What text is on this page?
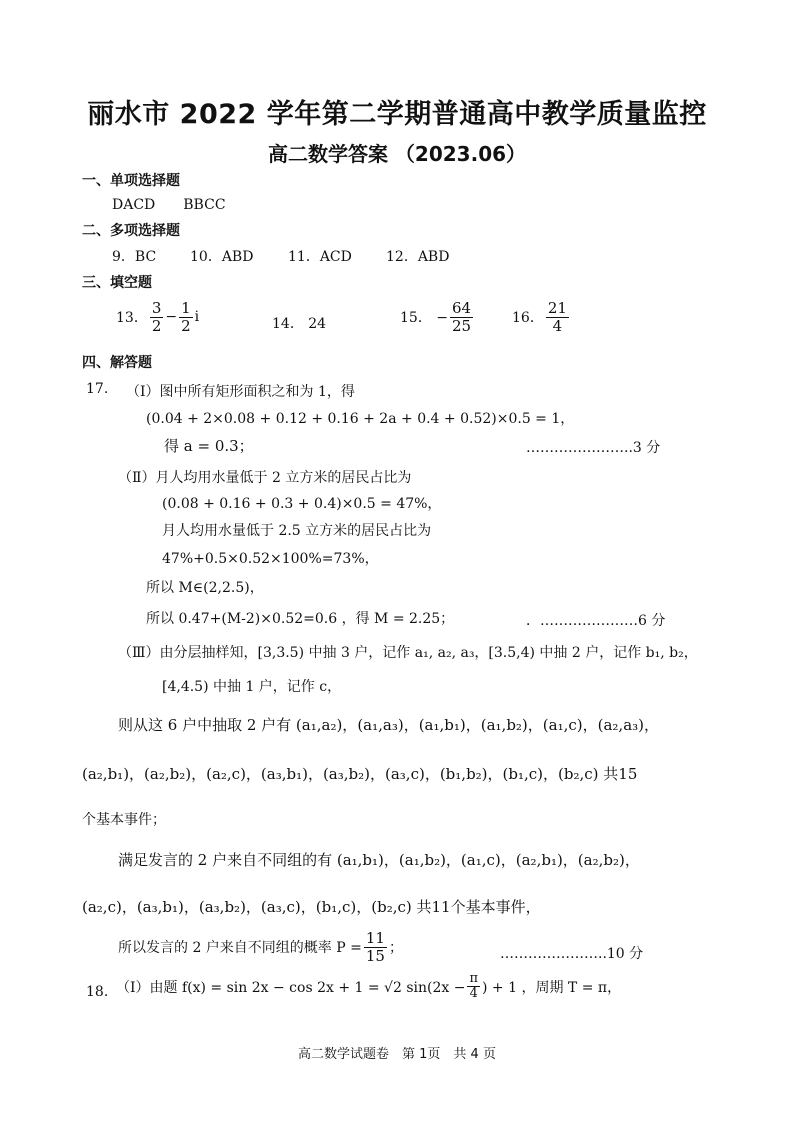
丽水市 2022 学年第二学期普通高中教学质量监控
高二数学答案 （2023.06）
一、单项选择题
DACD　　BBCC
二、多项选择题
9．BC 10．ABD 11．ACD 12．ABD
三、填空题
13． $\frac{3}{2} - \frac{1}{2}$ i	14． 24	15． − $\frac{64}{25}$	16． $\frac{21}{4}$
四、解答题
17. （Ⅰ）图中所有矩形面积之和为 1，得
(0.04 + 2×0.08 + 0.12 + 0.16 + 2a + 0.4 + 0.52)×0.5 = 1，
得 a = 0.3；	…………………..3 分
（Ⅱ）月人均用水量低于 2 立方米的居民占比为
(0.08 + 0.16 + 0.3 + 0.4)×0.5 = 47%，
月人均用水量低于 2.5 立方米的居民占比为
47%+0.5×0.52×100%=73%，
所以 M∈(2,2.5)，
所以 0.47+(M-2)×0.52=0.6 ，得 M = 2.25；	．…………………6 分
（Ⅲ）由分层抽样知，[3,3.5) 中抽 3 户，记作 a₁, a₂, a₃，[3.5,4) 中抽 2 户，记作 b₁, b₂，
[4,4.5) 中抽 1 户，记作 c，
则从这 6 户中抽取 2 户有 (a₁,a₂)，(a₁,a₃)，(a₁,b₁)，(a₁,b₂)，(a₁,c)，(a₂,a₃)，
(a₂,b₁)，(a₂,b₂)，(a₂,c)，(a₃,b₁)，(a₃,b₂)，(a₃,c)，(b₁,b₂)，(b₁,c)，(b₂,c) 共15
个基本事件；
满足发言的 2 户来自不同组的有 (a₁,b₁)，(a₁,b₂)，(a₁,c)，(a₂,b₁)，(a₂,b₂)，
(a₂,c)，(a₃,b₁)，(a₃,b₂)，(a₃,c)，(b₁,c)，(b₂,c) 共11个基本事件，
所以发言的 2 户来自不同组的概率 $P = \frac{11}{15}$ ；	…………………..10 分
18. （Ⅰ）由题 f(x) = sin 2x − cos 2x + 1 = √2 $\sin(2x - \frac{\pi}{4}$ ) + 1 ，周期 T = π，
高二数学试题卷　第 1页　共 4 页
